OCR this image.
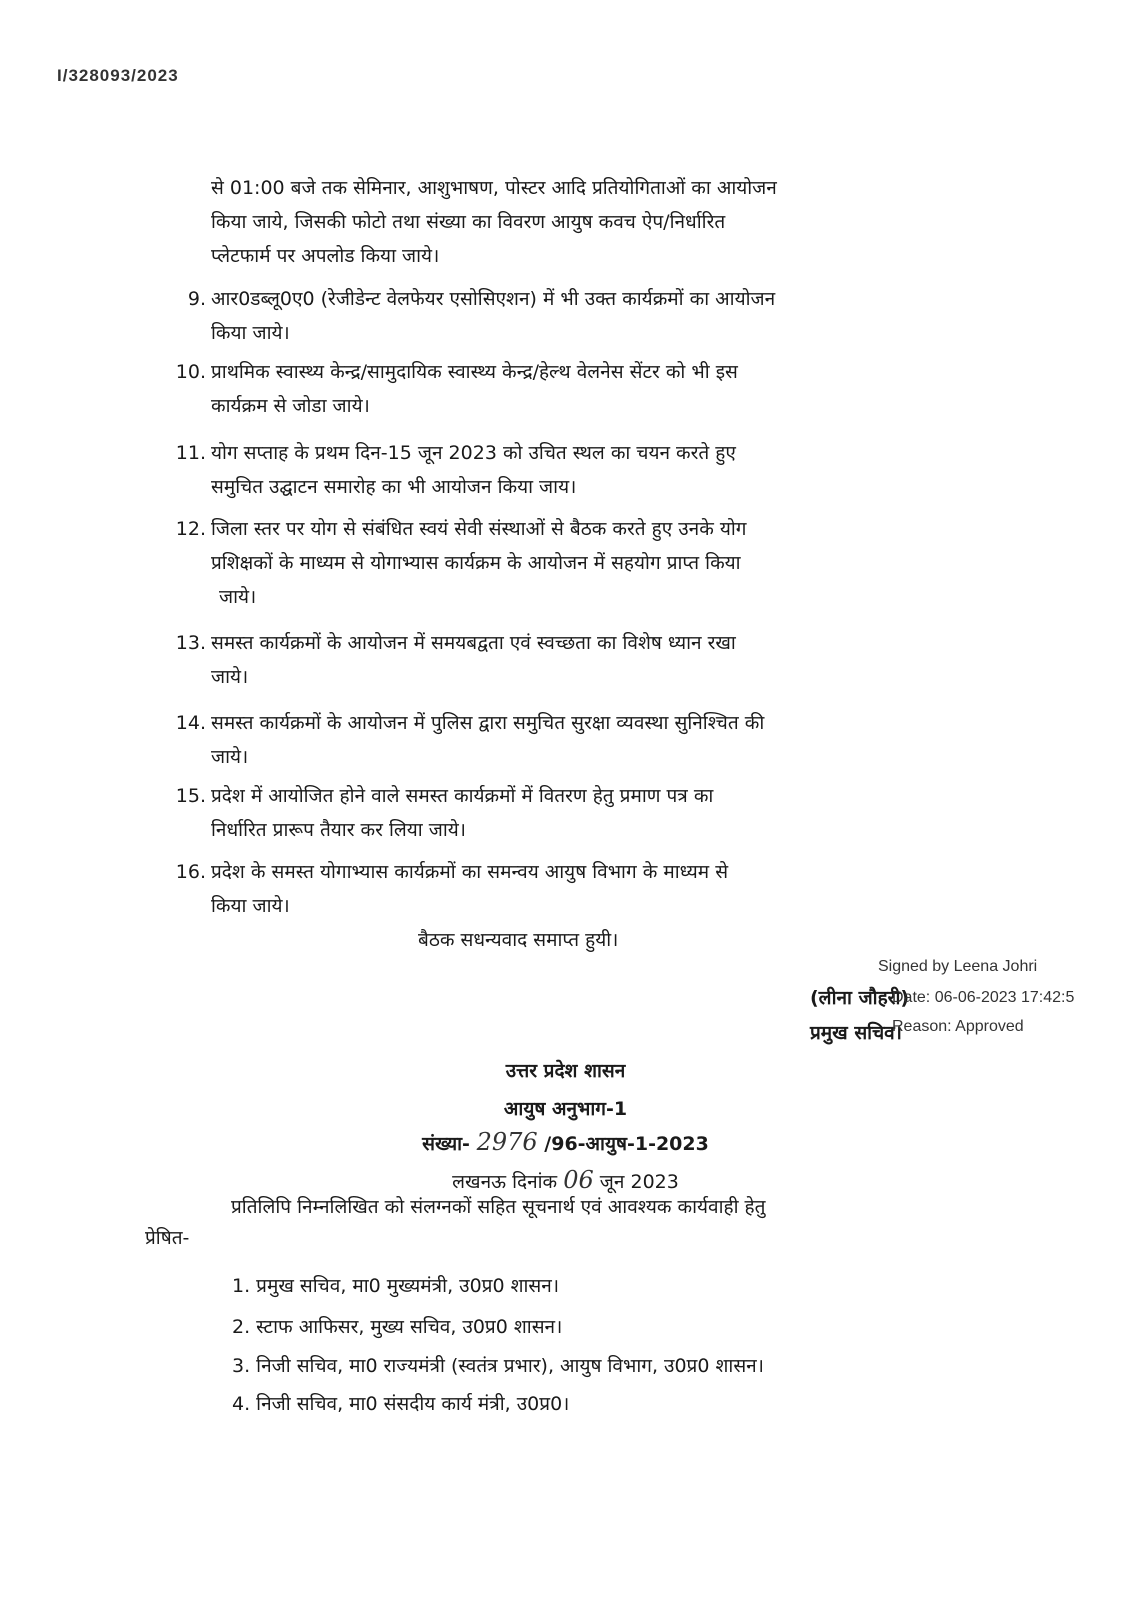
I/328093/2023
से 01:00 बजे तक सेमिनार, आशुभाषण, पोस्टर आदि प्रतियोगिताओं का आयोजन
किया जाये, जिसकी फोटो तथा संख्या का विवरण आयुष कवच ऐप/निर्धारित
प्लेटफार्म पर अपलोड किया जाये।
9. आर0डब्लू0ए0 (रेजीडेन्ट वेलफेयर एसोसिएशन) में भी उक्त कार्यक्रमों का आयोजन
किया जाये।
10. प्राथमिक स्वास्थ्य केन्द्र/सामुदायिक स्वास्थ्य केन्द्र/हेल्थ वेलनेस सेंटर को भी इस
कार्यक्रम से जोडा जाये।
11. योग सप्ताह के प्रथम दिन-15 जून 2023 को उचित स्थल का चयन करते हुए
समुचित उद्घाटन समारोह का भी आयोजन किया जाय।
12. जिला स्तर पर योग से संबंधित स्वयं सेवी संस्थाओं से बैठक करते हुए उनके योग
प्रशिक्षकों के माध्यम से योगाभ्यास कार्यक्रम के आयोजन में सहयोग प्राप्त किया
जाये।
13. समस्त कार्यक्रमों के आयोजन में समयबद्वता एवं स्वच्छता का विशेष ध्यान रखा
जाये।
14. समस्त कार्यक्रमों के आयोजन में पुलिस द्वारा समुचित सुरक्षा व्यवस्था सुनिश्चित की
जाये।
15. प्रदेश में आयोजित होने वाले समस्त कार्यक्रमों में वितरण हेतु प्रमाण पत्र का
निर्धारित प्रारूप तैयार कर लिया जाये।
16. प्रदेश के समस्त योगाभ्यास कार्यक्रमों का समन्वय आयुष विभाग के माध्यम से
किया जाये।
बैठक सधन्यवाद समाप्त हुयी।
Signed by Leena Johri
(लीना जौहरी)
Date: 06-06-2023 17:42:5
प्रमुख सचिव।
Reason: Approved
उत्तर प्रदेश शासन
आयुष अनुभाग-1
संख्या- 2976 /96-आयुष-1-2023
लखनऊ दिनांक 06 जून 2023
प्रतिलिपि निम्नलिखित को संलग्नकों सहित सूचनार्थ एवं आवश्यक कार्यवाही हेतु
प्रेषित-
1. प्रमुख सचिव, मा0 मुख्यमंत्री, उ0प्र0 शासन।
2. स्टाफ आफिसर, मुख्य सचिव, उ0प्र0 शासन।
3. निजी सचिव, मा0 राज्यमंत्री (स्वतंत्र प्रभार), आयुष विभाग, उ0प्र0 शासन।
4. निजी सचिव, मा0 संसदीय कार्य मंत्री, उ0प्र0।
